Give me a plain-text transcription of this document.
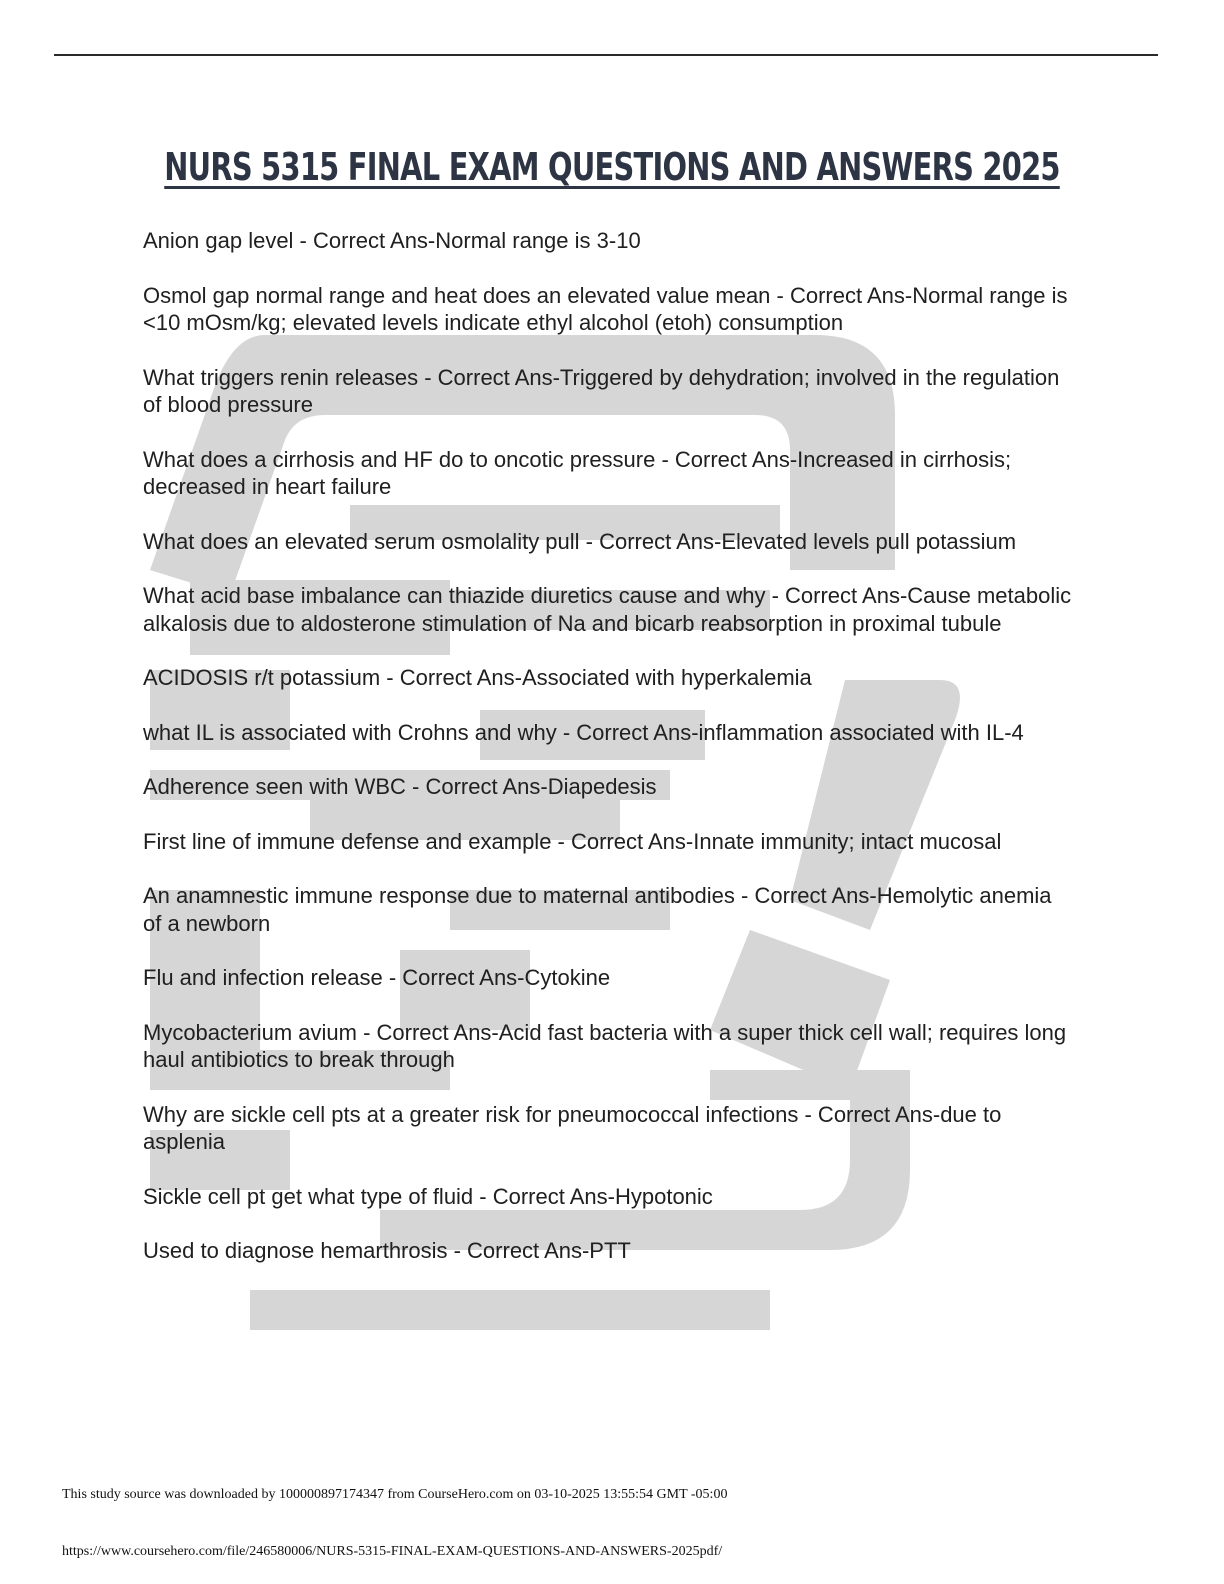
NURS 5315 FINAL EXAM QUESTIONS AND ANSWERS 2025
Anion gap level - Correct Ans-Normal range is 3-10
Osmol gap normal range and heat does an elevated value mean - Correct Ans-Normal range is <10 mOsm/kg; elevated levels indicate ethyl alcohol (etoh) consumption
What triggers renin releases - Correct Ans-Triggered by dehydration; involved in the regulation of blood pressure
What does a cirrhosis and HF do to oncotic pressure - Correct Ans-Increased in cirrhosis; decreased in heart failure
What does an elevated serum osmolality pull - Correct Ans-Elevated levels pull potassium
What acid base imbalance can thiazide diuretics cause and why - Correct Ans-Cause metabolic alkalosis due to aldosterone stimulation of Na and bicarb reabsorption in proximal tubule
ACIDOSIS r/t potassium - Correct Ans-Associated with hyperkalemia
what IL is associated with Crohns and why - Correct Ans-inflammation associated with IL-4
Adherence seen with WBC - Correct Ans-Diapedesis
First line of immune defense and example - Correct Ans-Innate immunity; intact mucosal
An anamnestic immune response due to maternal antibodies - Correct Ans-Hemolytic anemia of a newborn
Flu and infection release - Correct Ans-Cytokine
Mycobacterium avium - Correct Ans-Acid fast bacteria with a super thick cell wall; requires long haul antibiotics to break through
Why are sickle cell pts at a greater risk for pneumococcal infections - Correct Ans-due to asplenia
Sickle cell pt get what type of fluid - Correct Ans-Hypotonic
Used to diagnose hemarthrosis - Correct Ans-PTT
This study source was downloaded by 100000897174347 from CourseHero.com on 03-10-2025 13:55:54 GMT -05:00
https://www.coursehero.com/file/246580006/NURS-5315-FINAL-EXAM-QUESTIONS-AND-ANSWERS-2025pdf/
